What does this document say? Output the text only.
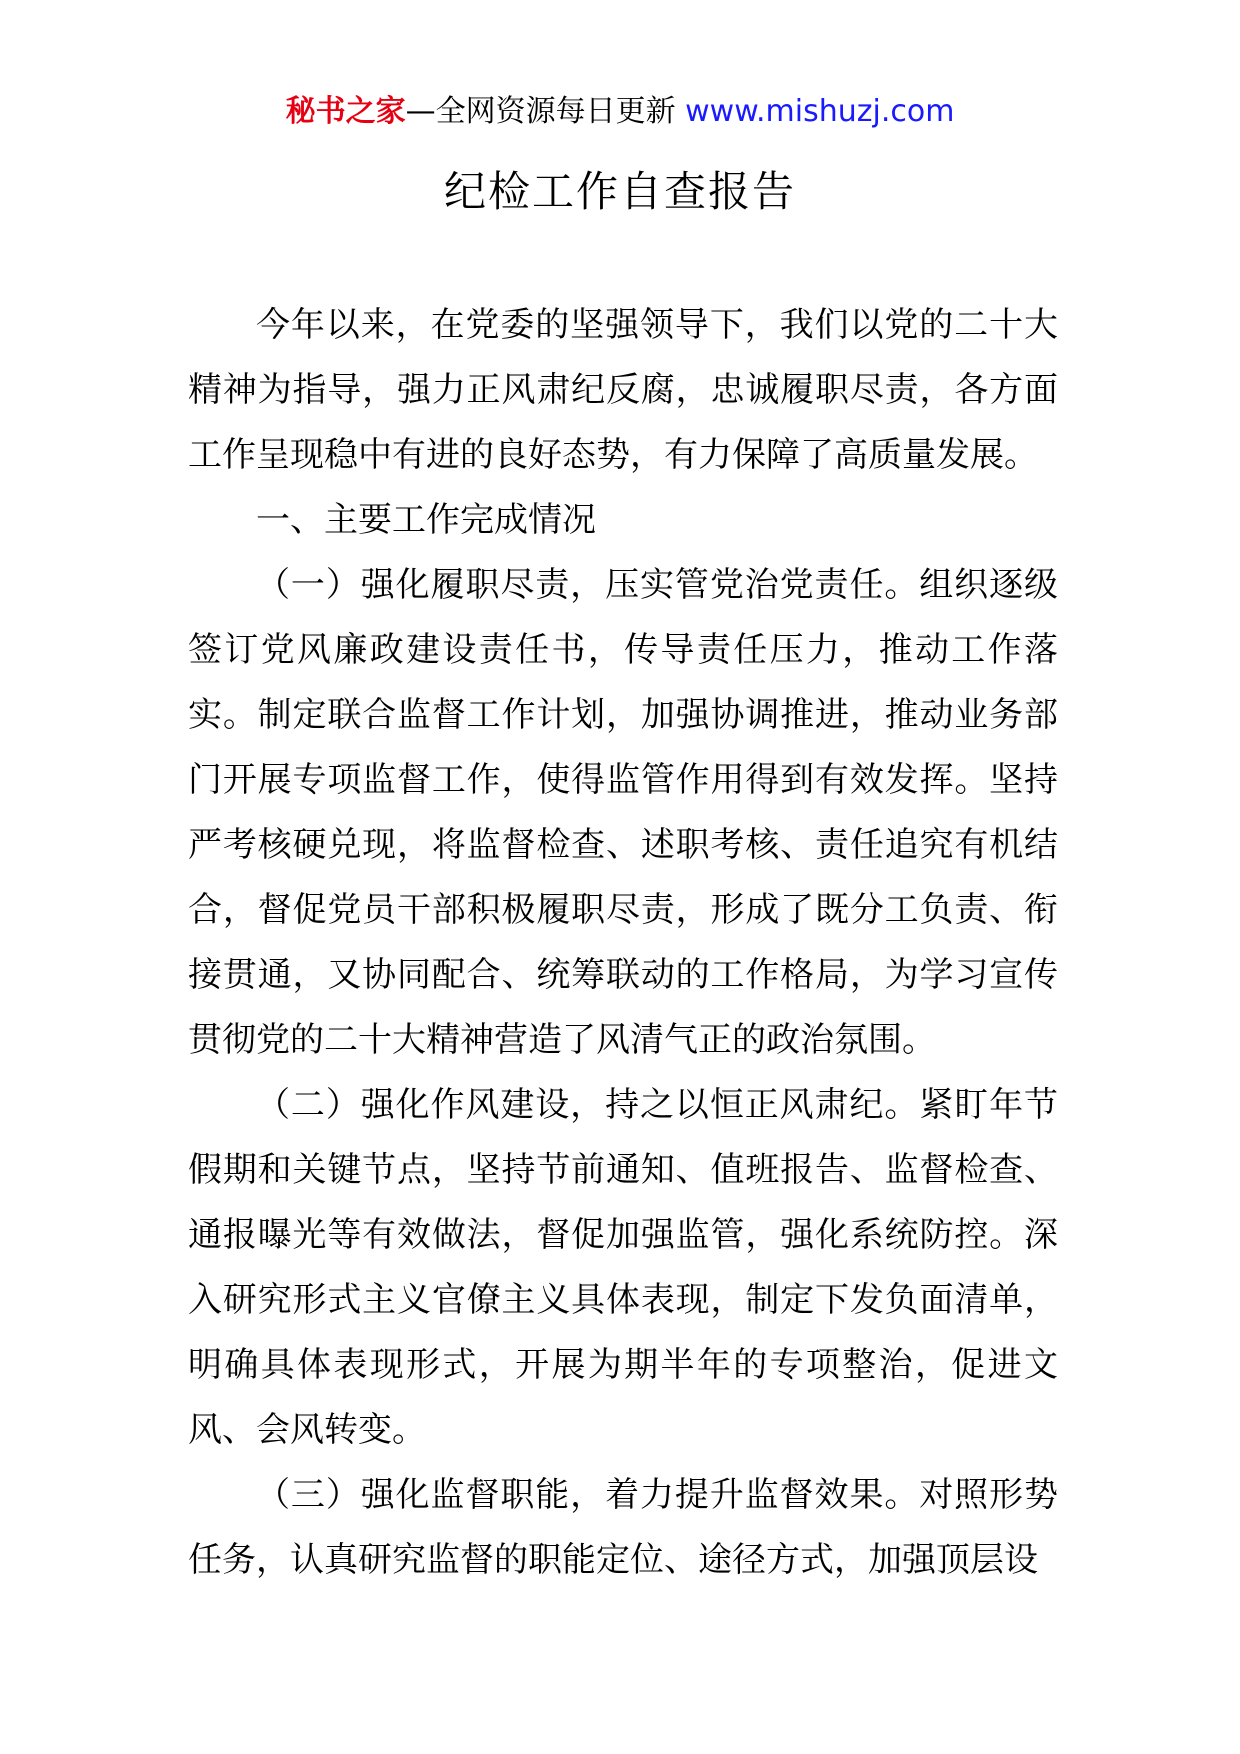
秘书之家—全网资源每日更新 www.mishuzj.com
纪检工作自查报告

今年以来，在党委的坚强领导下，我们以党的二十大精神为指导，强力正风肃纪反腐，忠诚履职尽责，各方面工作呈现稳中有进的良好态势，有力保障了高质量发展。

一、主要工作完成情况

（一）强化履职尽责，压实管党治党责任。组织逐级签订党风廉政建设责任书，传导责任压力，推动工作落实。制定联合监督工作计划，加强协调推进，推动业务部门开展专项监督工作，使得监管作用得到有效发挥。坚持严考核硬兑现，将监督检查、述职考核、责任追究有机结合，督促党员干部积极履职尽责，形成了既分工负责、衔接贯通，又协同配合、统筹联动的工作格局，为学习宣传贯彻党的二十大精神营造了风清气正的政治氛围。

（二）强化作风建设，持之以恒正风肃纪。紧盯年节假期和关键节点，坚持节前通知、值班报告、监督检查、通报曝光等有效做法，督促加强监管，强化系统防控。深入研究形式主义官僚主义具体表现，制定下发负面清单，明确具体表现形式，开展为期半年的专项整治，促进文风、会风转变。

（三）强化监督职能，着力提升监督效果。对照形势任务，认真研究监督的职能定位、途径方式，加强顶层设
